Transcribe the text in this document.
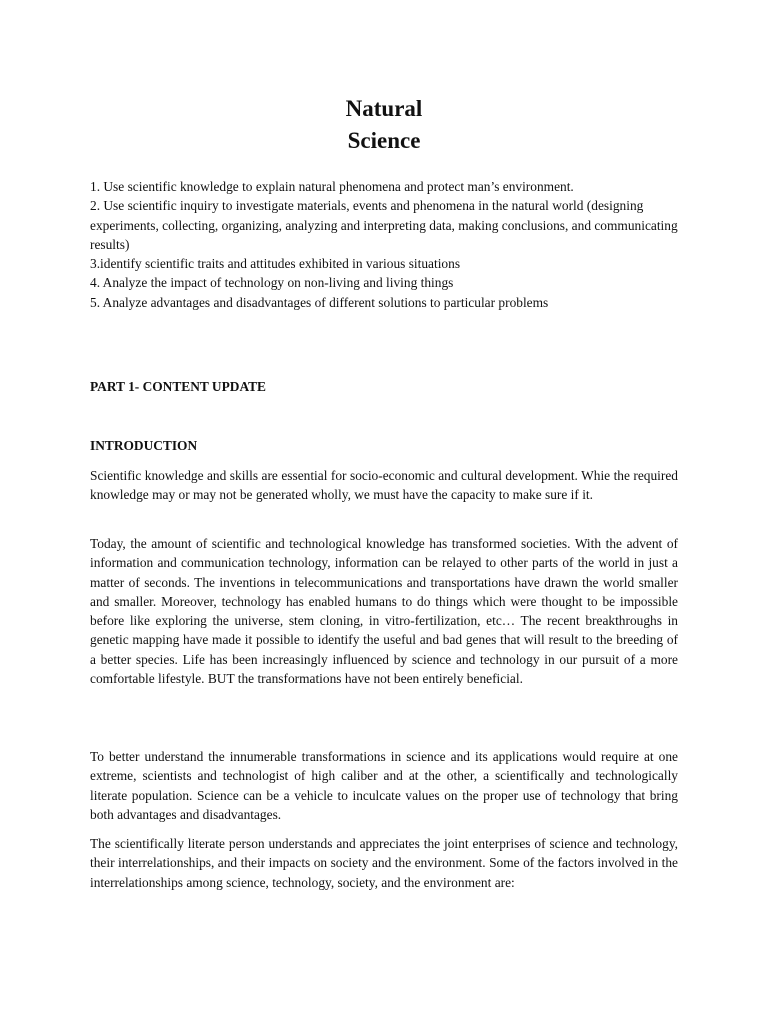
Natural
Science
1. Use scientific knowledge to explain natural phenomena and protect man’s environment.
2. Use scientific inquiry to investigate materials, events and phenomena in the natural world (designing experiments, collecting, organizing, analyzing and interpreting data, making conclusions, and communicating results)
3.identify scientific traits and attitudes exhibited in various situations
4. Analyze the impact of technology on non-living and living things
5. Analyze advantages and disadvantages of different solutions to particular problems
PART 1- CONTENT UPDATE
INTRODUCTION

Scientific knowledge and skills are essential for socio-economic and cultural development. Whie the required knowledge may or may not be generated wholly, we must have the capacity to make sure if it.

Today, the amount of scientific and technological knowledge has transformed societies. With the advent of information and communication technology, information can be relayed to other parts of the world in just a matter of seconds. The inventions in telecommunications and transportations have drawn the world smaller and smaller. Moreover, technology has enabled humans to do things which were thought to be impossible before like exploring the universe, stem cloning, in vitro-fertilization, etc… The recent breakthroughs in genetic mapping have made it possible to identify the useful and bad genes that will result to the breeding of a better species. Life has been increasingly influenced by science and technology in our pursuit of a more comfortable lifestyle. BUT the transformations have not been entirely beneficial.

To better understand the innumerable transformations in science and its applications would require at one extreme, scientists and technologist of high caliber and at the other, a scientifically and technologically literate population. Science can be a vehicle to inculcate values on the proper use of technology that bring both advantages and disadvantages.

The scientifically literate person understands and appreciates the joint enterprises of science and technology, their interrelationships, and their impacts on society and the environment. Some of the factors involved in the interrelationships among science, technology, society, and the environment are:
